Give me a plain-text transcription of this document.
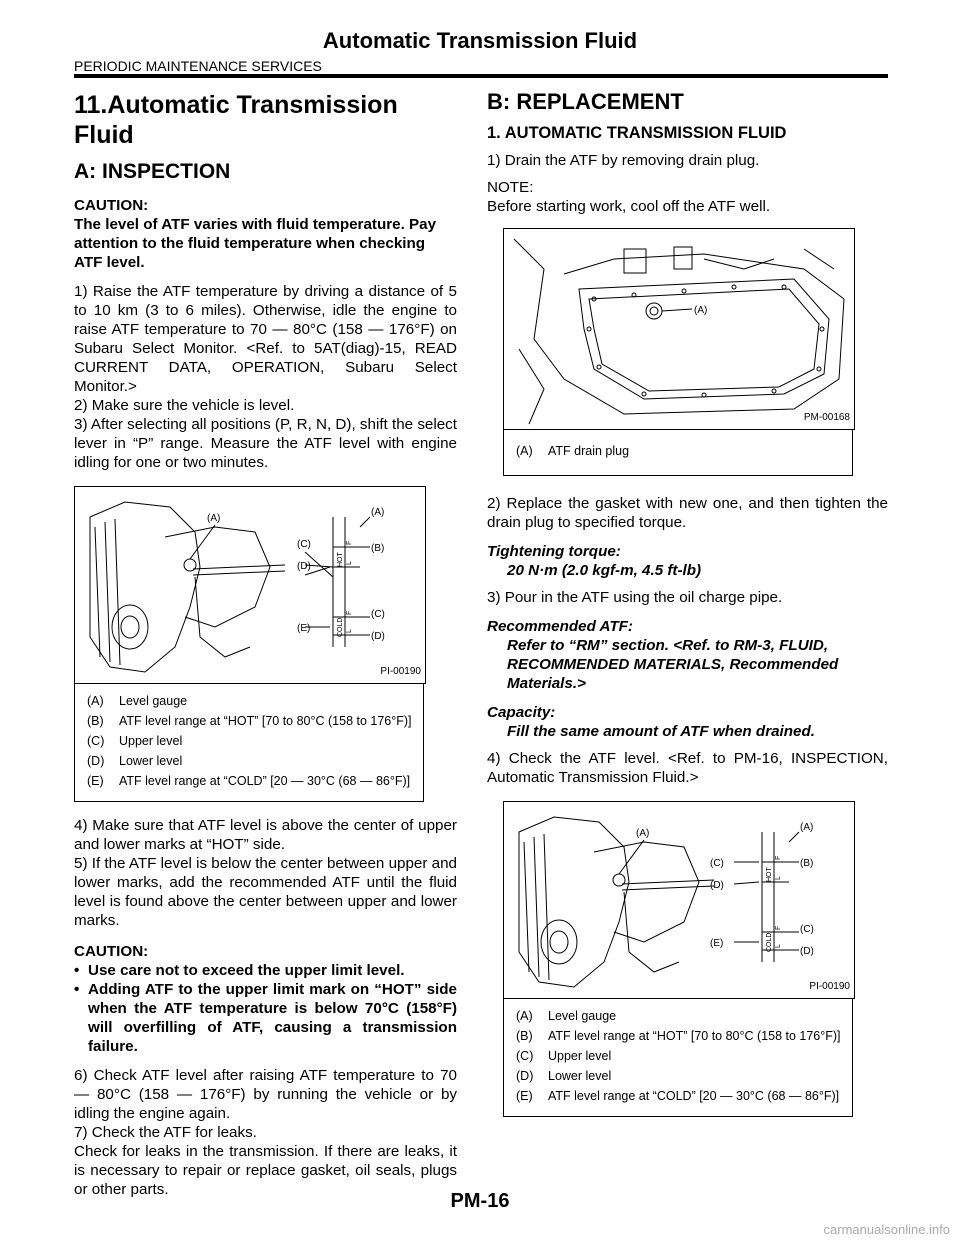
Automatic Transmission Fluid
PERIODIC MAINTENANCE SERVICES
11.Automatic Transmission Fluid
A: INSPECTION
CAUTION:
The level of ATF varies with fluid temperature. Pay attention to the fluid temperature when checking ATF level.

1) Raise the ATF temperature by driving a distance of 5 to 10 km (3 to 6 miles). Otherwise, idle the engine to raise ATF temperature to 70 — 80°C (158 — 176°F) on Subaru Select Monitor. <Ref. to 5AT(diag)-15, READ CURRENT DATA, OPERATION, Subaru Select Monitor.>

2) Make sure the vehicle is level.

3) After selecting all positions (P, R, N, D), shift the select lever in “P” range. Measure the ATF level with engine idling for one or two minutes.

(A)
(A)
(B)
(C)
(D)
(E)
(C)
(D)
HOT
COLD
F
L
F
L
PI-00190
(A)	Level gauge
(B)	ATF level range at “HOT” [70 to 80°C (158 to 176°F)]
(C)	Upper level
(D)	Lower level
(E)	ATF level range at “COLD” [20 — 30°C (68 — 86°F)]

4) Make sure that ATF level is above the center of upper and lower marks at “HOT” side.

5) If the ATF level is below the center between upper and lower marks, add the recommended ATF until the fluid level is found above the center between upper and lower marks.

CAUTION:
• Use care not to exceed the upper limit level.
• Adding ATF to the upper limit mark on “HOT” side when the ATF temperature is below 70°C (158°F) will overfilling of ATF, causing a transmission failure.

6) Check ATF level after raising ATF temperature to 70 — 80°C (158 — 176°F) by running the vehicle or by idling the engine again.

7) Check the ATF for leaks.

Check for leaks in the transmission. If there are leaks, it is necessary to repair or replace gasket, oil seals, plugs or other parts.

B: REPLACEMENT
1. AUTOMATIC TRANSMISSION FLUID

1) Drain the ATF by removing drain plug.

NOTE:

Before starting work, cool off the ATF well.

(A)
PM-00168
(A)	ATF drain plug

2) Replace the gasket with new one, and then tighten the drain plug to specified torque.

Tightening torque:
20 N·m (2.0 kgf-m, 4.5 ft-lb)

3) Pour in the ATF using the oil charge pipe.

Recommended ATF:
Refer to “RM” section. <Ref. to RM-3, FLUID, RECOMMENDED MATERIALS, Recommended Materials.>
Capacity:
Fill the same amount of ATF when drained.

4) Check the ATF level. <Ref. to PM-16, INSPECTION, Automatic Transmission Fluid.>

(A)
(A)
(B)
(C)
(D)
(E)
(C)
(D)
HOT
COLD
F
L
F
L
PI-00190
(A)	Level gauge
(B)	ATF level range at “HOT” [70 to 80°C (158 to 176°F)]
(C)	Upper level
(D)	Lower level
(E)	ATF level range at “COLD” [20 — 30°C (68 — 86°F)]
PM-16
carmanualsonline.info
